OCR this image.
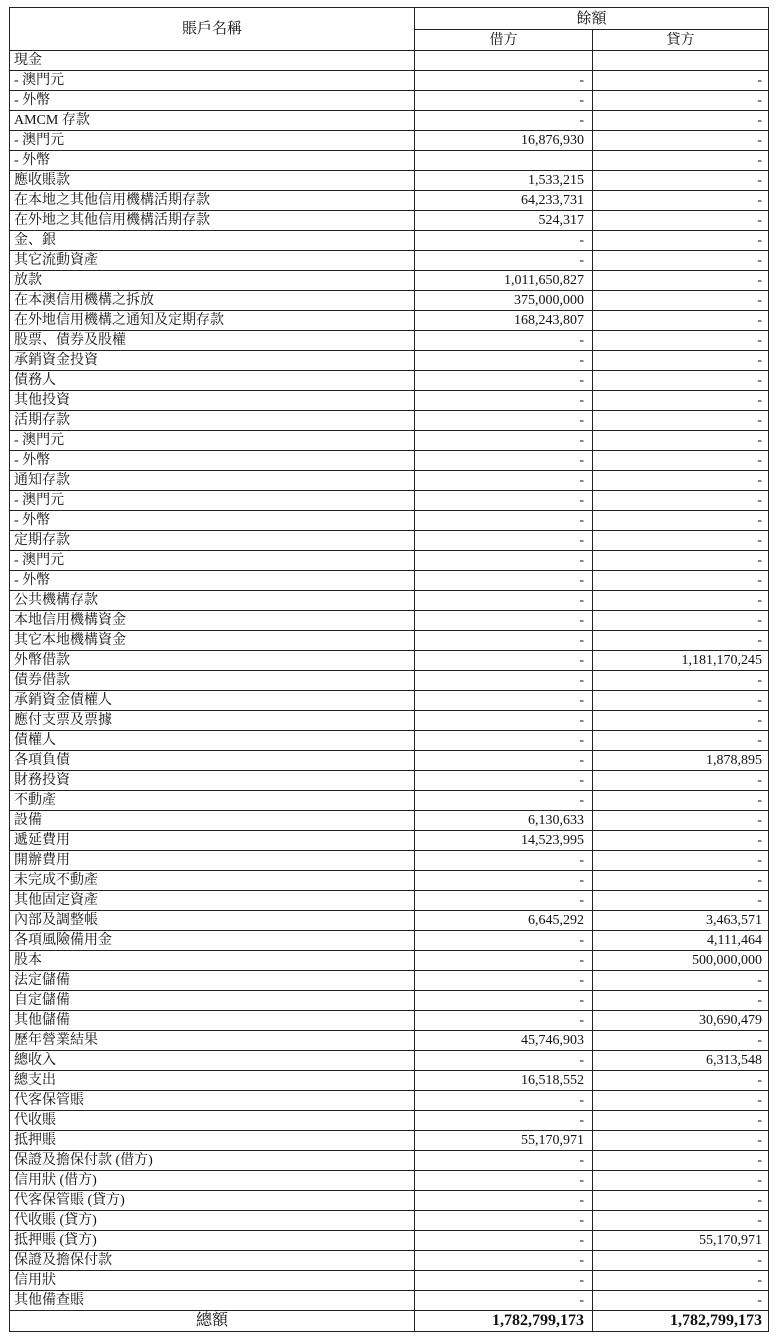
賬戶名稱	餘額	
	借方	貸方
現金		
- 澳門元	-	-
- 外幣	-	-
AMCM 存款	-	-
- 澳門元	16,876,930	-
- 外幣		-
應收賬款	1,533,215	-
在本地之其他信用機構活期存款	64,233,731	-
在外地之其他信用機構活期存款	524,317	-
金、銀	-	-
其它流動資產	-	-
放款	1,011,650,827	-
在本澳信用機構之拆放	375,000,000	-
在外地信用機構之通知及定期存款	168,243,807	-
股票、債券及股權	-	-
承銷資金投資	-	-
債務人	-	-
其他投資	-	-
活期存款	-	-
- 澳門元	-	-
- 外幣	-	-
通知存款	-	-
- 澳門元	-	-
- 外幣	-	-
定期存款	-	-
- 澳門元	-	-
- 外幣	-	-
公共機構存款	-	-
本地信用機構資金	-	-
其它本地機構資金	-	-
外幣借款	-	1,181,170,245
債券借款	-	-
承銷資金債權人	-	-
應付支票及票據	-	-
債權人	-	-
各項負債	-	1,878,895
財務投資	-	-
不動產	-	-
設備	6,130,633	-
遞延費用	14,523,995	-
開辦費用	-	-
未完成不動產	-	-
其他固定資產	-	-
內部及調整帳	6,645,292	3,463,571
各項風險備用金	-	4,111,464
股本	-	500,000,000
法定儲備	-	-
自定儲備	-	-
其他儲備	-	30,690,479
歷年營業結果	45,746,903	-
總收入	-	6,313,548
總支出	16,518,552	-
代客保管賬	-	-
代收賬	-	-
抵押賬	55,170,971	-
保證及擔保付款 (借方)	-	-
信用狀 (借方)	-	-
代客保管賬 (貸方)	-	-
代收賬 (貸方)	-	-
抵押賬 (貸方)	-	55,170,971
保證及擔保付款	-	-
信用狀	-	-
其他備查賬	-	-
總額	1,782,799,173	1,782,799,173
